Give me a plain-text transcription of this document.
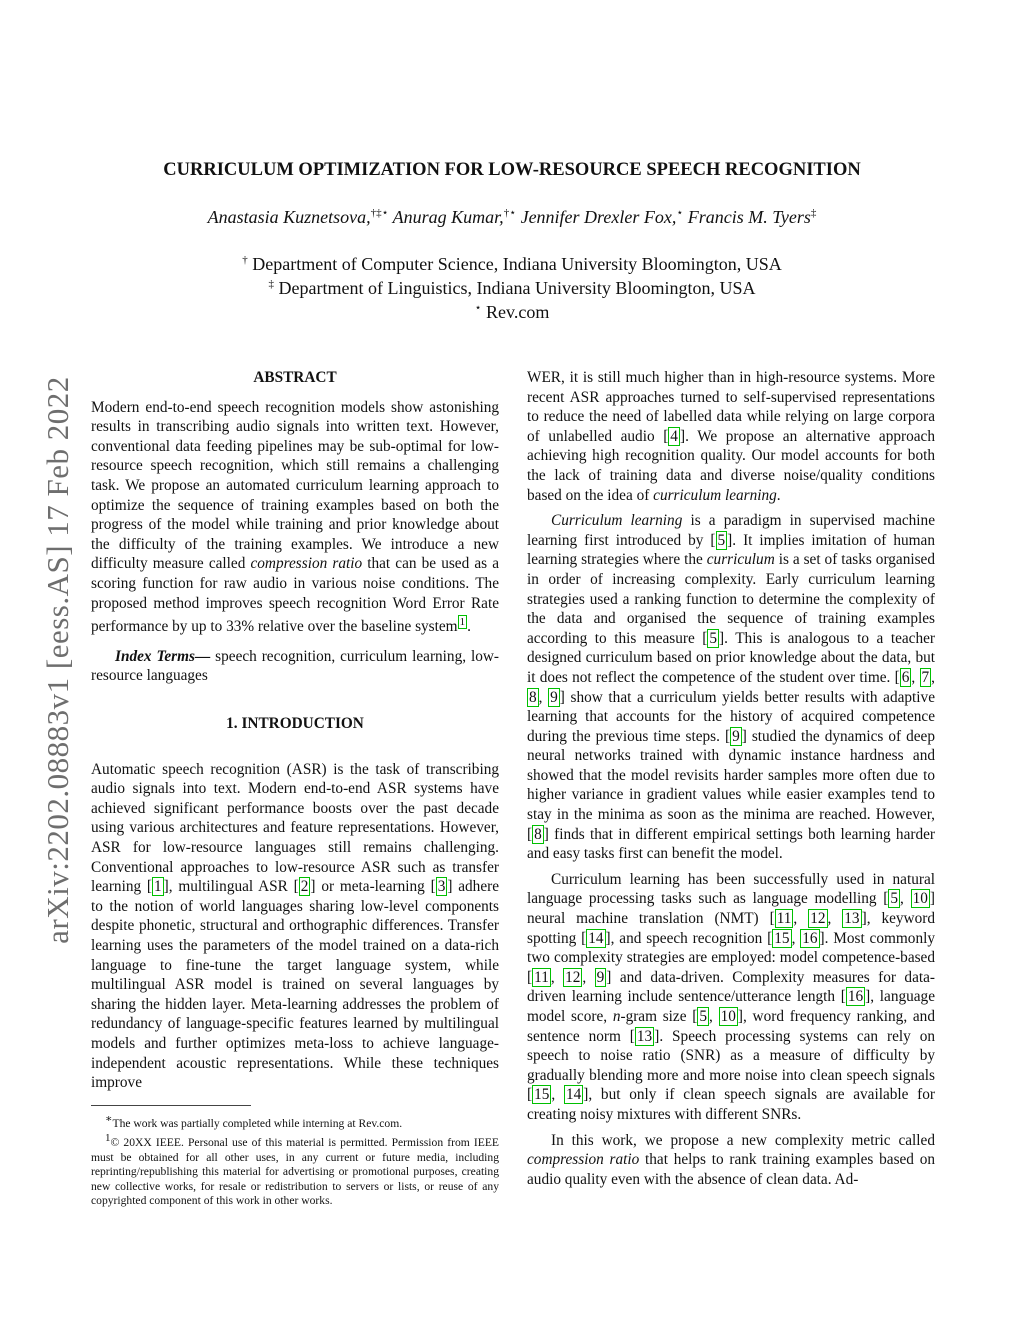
arXiv:2202.08883v1 [eess.AS] 17 Feb 2022
CURRICULUM OPTIMIZATION FOR LOW-RESOURCE SPEECH RECOGNITION
Anastasia Kuznetsova,†‡⋆ Anurag Kumar,†⋆ Jennifer Drexler Fox,⋆ Francis M. Tyers‡
† Department of Computer Science, Indiana University Bloomington, USA
‡ Department of Linguistics, Indiana University Bloomington, USA
⋆ Rev.com

ABSTRACT

Modern end-to-end speech recognition models show astonishing results in transcribing audio signals into written text. However, conventional data feeding pipelines may be sub-optimal for low-resource speech recognition, which still remains a challenging task. We propose an automated curriculum learning approach to optimize the sequence of training examples based on both the progress of the model while training and prior knowledge about the difficulty of the training examples. We introduce a new difficulty measure called compression ratio that can be used as a scoring function for raw audio in various noise conditions. The proposed method improves speech recognition Word Error Rate performance by up to 33% relative over the baseline system $^1$ .

Index Terms— speech recognition, curriculum learning, low-resource languages

1. INTRODUCTION

Automatic speech recognition (ASR) is the task of transcribing audio signals into text. Modern end-to-end ASR systems have achieved significant performance boosts over the past decade using various architectures and feature representations. However, ASR for low-resource languages still remains challenging. Conventional approaches to low-resource ASR such as transfer learning [ 1 ], multilingual ASR [ 2 ] or meta-learning [ 3 ] adhere to the notion of world languages sharing low-level components despite phonetic, structural and orthographic differences. Transfer learning uses the parameters of the model trained on a data-rich language to fine-tune the target language system, while multilingual ASR model is trained on several languages by sharing the hidden layer. Meta-learning addresses the problem of redundancy of language-specific features learned by multilingual models and further optimizes meta-loss to achieve language-independent acoustic representations. While these techniques improve

∗The work was partially completed while interning at Rev.com.

$^1$© 20XX IEEE. Personal use of this material is permitted. Permission from IEEE must be obtained for all other uses, in any current or future media, including reprinting/republishing this material for advertising or promotional purposes, creating new collective works, for resale or redistribution to servers or lists, or reuse of any copyrighted component of this work in other works.

WER, it is still much higher than in high-resource systems. More recent ASR approaches turned to self-supervised representations to reduce the need of labelled data while relying on large corpora of unlabelled audio [ 4 ]. We propose an alternative approach achieving high recognition quality. Our model accounts for both the lack of training data and diverse noise/quality conditions based on the idea of curriculum learning.

Curriculum learning is a paradigm in supervised machine learning first introduced by [ 5 ]. It implies imitation of human learning strategies where the curriculum is a set of tasks organised in order of increasing complexity. Early curriculum learning strategies used a ranking function to determine the complexity of the data and organised the sequence of training examples according to this measure [ 5 ]. This is analogous to a teacher designed curriculum based on prior knowledge about the data, but it does not reflect the competence of the student over time. [ 6 , 7 , 8 , 9 ] show that a curriculum yields better results with adaptive learning that accounts for the history of acquired competence during the previous time steps. [ 9 ] studied the dynamics of deep neural networks trained with dynamic instance hardness and showed that the model revisits harder samples more often due to higher variance in gradient values while easier examples tend to stay in the minima as soon as the minima are reached. However, [ 8 ] finds that in different empirical settings both learning harder and easy tasks first can benefit the model.

Curriculum learning has been successfully used in natural language processing tasks such as language modelling [ 5 , 10 ] neural machine translation (NMT) [ 11 , 12 , 13 ], keyword spotting [ 14 ], and speech recognition [ 15 , 16 ]. Most commonly two complexity strategies are employed: model competence-based [ 11 , 12 , 9 ] and data-driven. Complexity measures for data-driven learning include sentence/utterance length [ 16 ], language model score, n-gram size [ 5 , 10 ], word frequency ranking, and sentence norm [ 13 ]. Speech processing systems can rely on speech to noise ratio (SNR) as a measure of difficulty by gradually blending more and more noise into clean speech signals [ 15 , 14 ], but only if clean speech signals are available for creating noisy mixtures with different SNRs.

In this work, we propose a new complexity metric called compression ratio that helps to rank training examples based on audio quality even with the absence of clean data. Ad-
